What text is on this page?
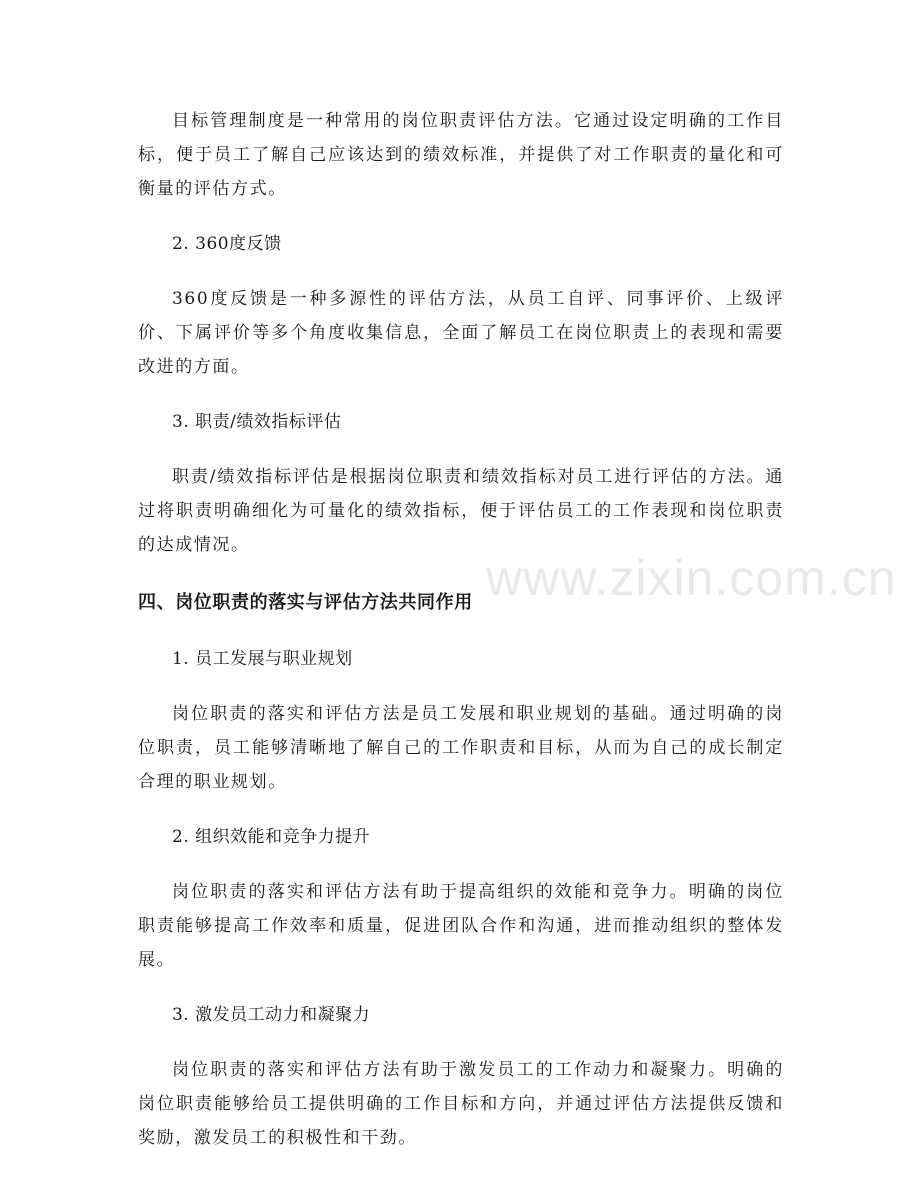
www.zixin.com.cn

目标管理制度是一种常用的岗位职责评估方法。它通过设定明确的工作目标，便于员工了解自己应该达到的绩效标准，并提供了对工作职责的量化和可衡量的评估方式。

2. 360度反馈

360度反馈是一种多源性的评估方法，从员工自评、同事评价、上级评价、下属评价等多个角度收集信息，全面了解员工在岗位职责上的表现和需要改进的方面。

3. 职责/绩效指标评估

职责/绩效指标评估是根据岗位职责和绩效指标对员工进行评估的方法。通过将职责明确细化为可量化的绩效指标，便于评估员工的工作表现和岗位职责的达成情况。

四、岗位职责的落实与评估方法共同作用
1. 员工发展与职业规划

岗位职责的落实和评估方法是员工发展和职业规划的基础。通过明确的岗位职责，员工能够清晰地了解自己的工作职责和目标，从而为自己的成长制定合理的职业规划。

2. 组织效能和竞争力提升

岗位职责的落实和评估方法有助于提高组织的效能和竞争力。明确的岗位职责能够提高工作效率和质量，促进团队合作和沟通，进而推动组织的整体发展。

3. 激发员工动力和凝聚力

岗位职责的落实和评估方法有助于激发员工的工作动力和凝聚力。明确的岗位职责能够给员工提供明确的工作目标和方向，并通过评估方法提供反馈和奖励，激发员工的积极性和干劲。
